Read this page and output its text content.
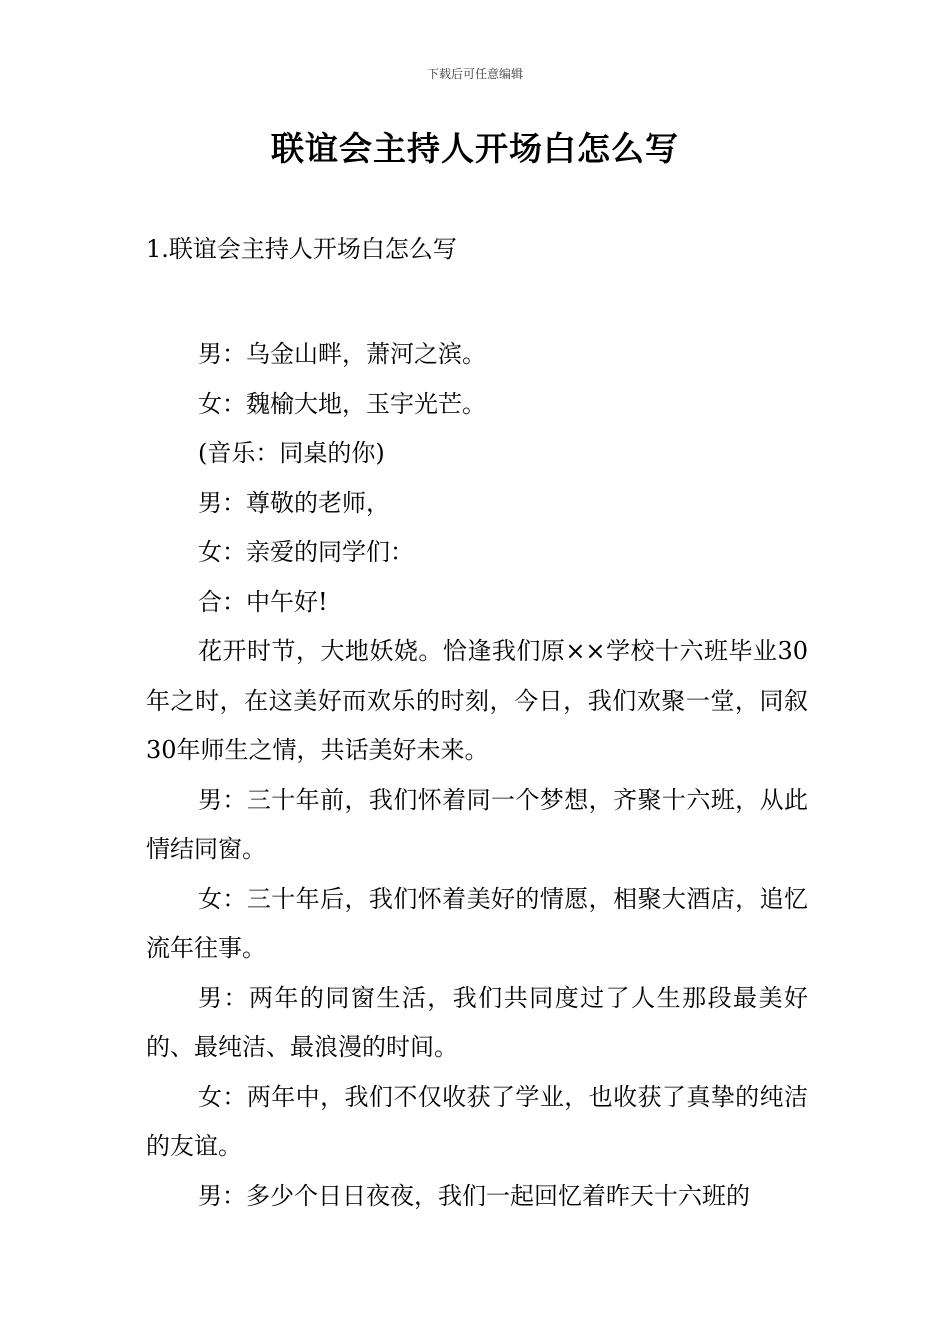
下载后可任意编辑
联谊会主持人开场白怎么写
1.联谊会主持人开场白怎么写

男：乌金山畔，萧河之滨。

女：魏榆大地，玉宇光芒。

(音乐：同桌的你)

男：尊敬的老师，

女：亲爱的同学们：

合：中午好!

花开时节，大地妖娆。恰逢我们原××学校十六班毕业30年之时，在这美好而欢乐的时刻，今日，我们欢聚一堂，同叙30年师生之情，共话美好未来。

男：三十年前，我们怀着同一个梦想，齐聚十六班，从此情结同窗。

女：三十年后，我们怀着美好的情愿，相聚大酒店，追忆流年往事。

男：两年的同窗生活，我们共同度过了人生那段最美好的、最纯洁、最浪漫的时间。

女：两年中，我们不仅收获了学业，也收获了真挚的纯洁的友谊。

男：多少个日日夜夜，我们一起回忆着昨天十六班的
